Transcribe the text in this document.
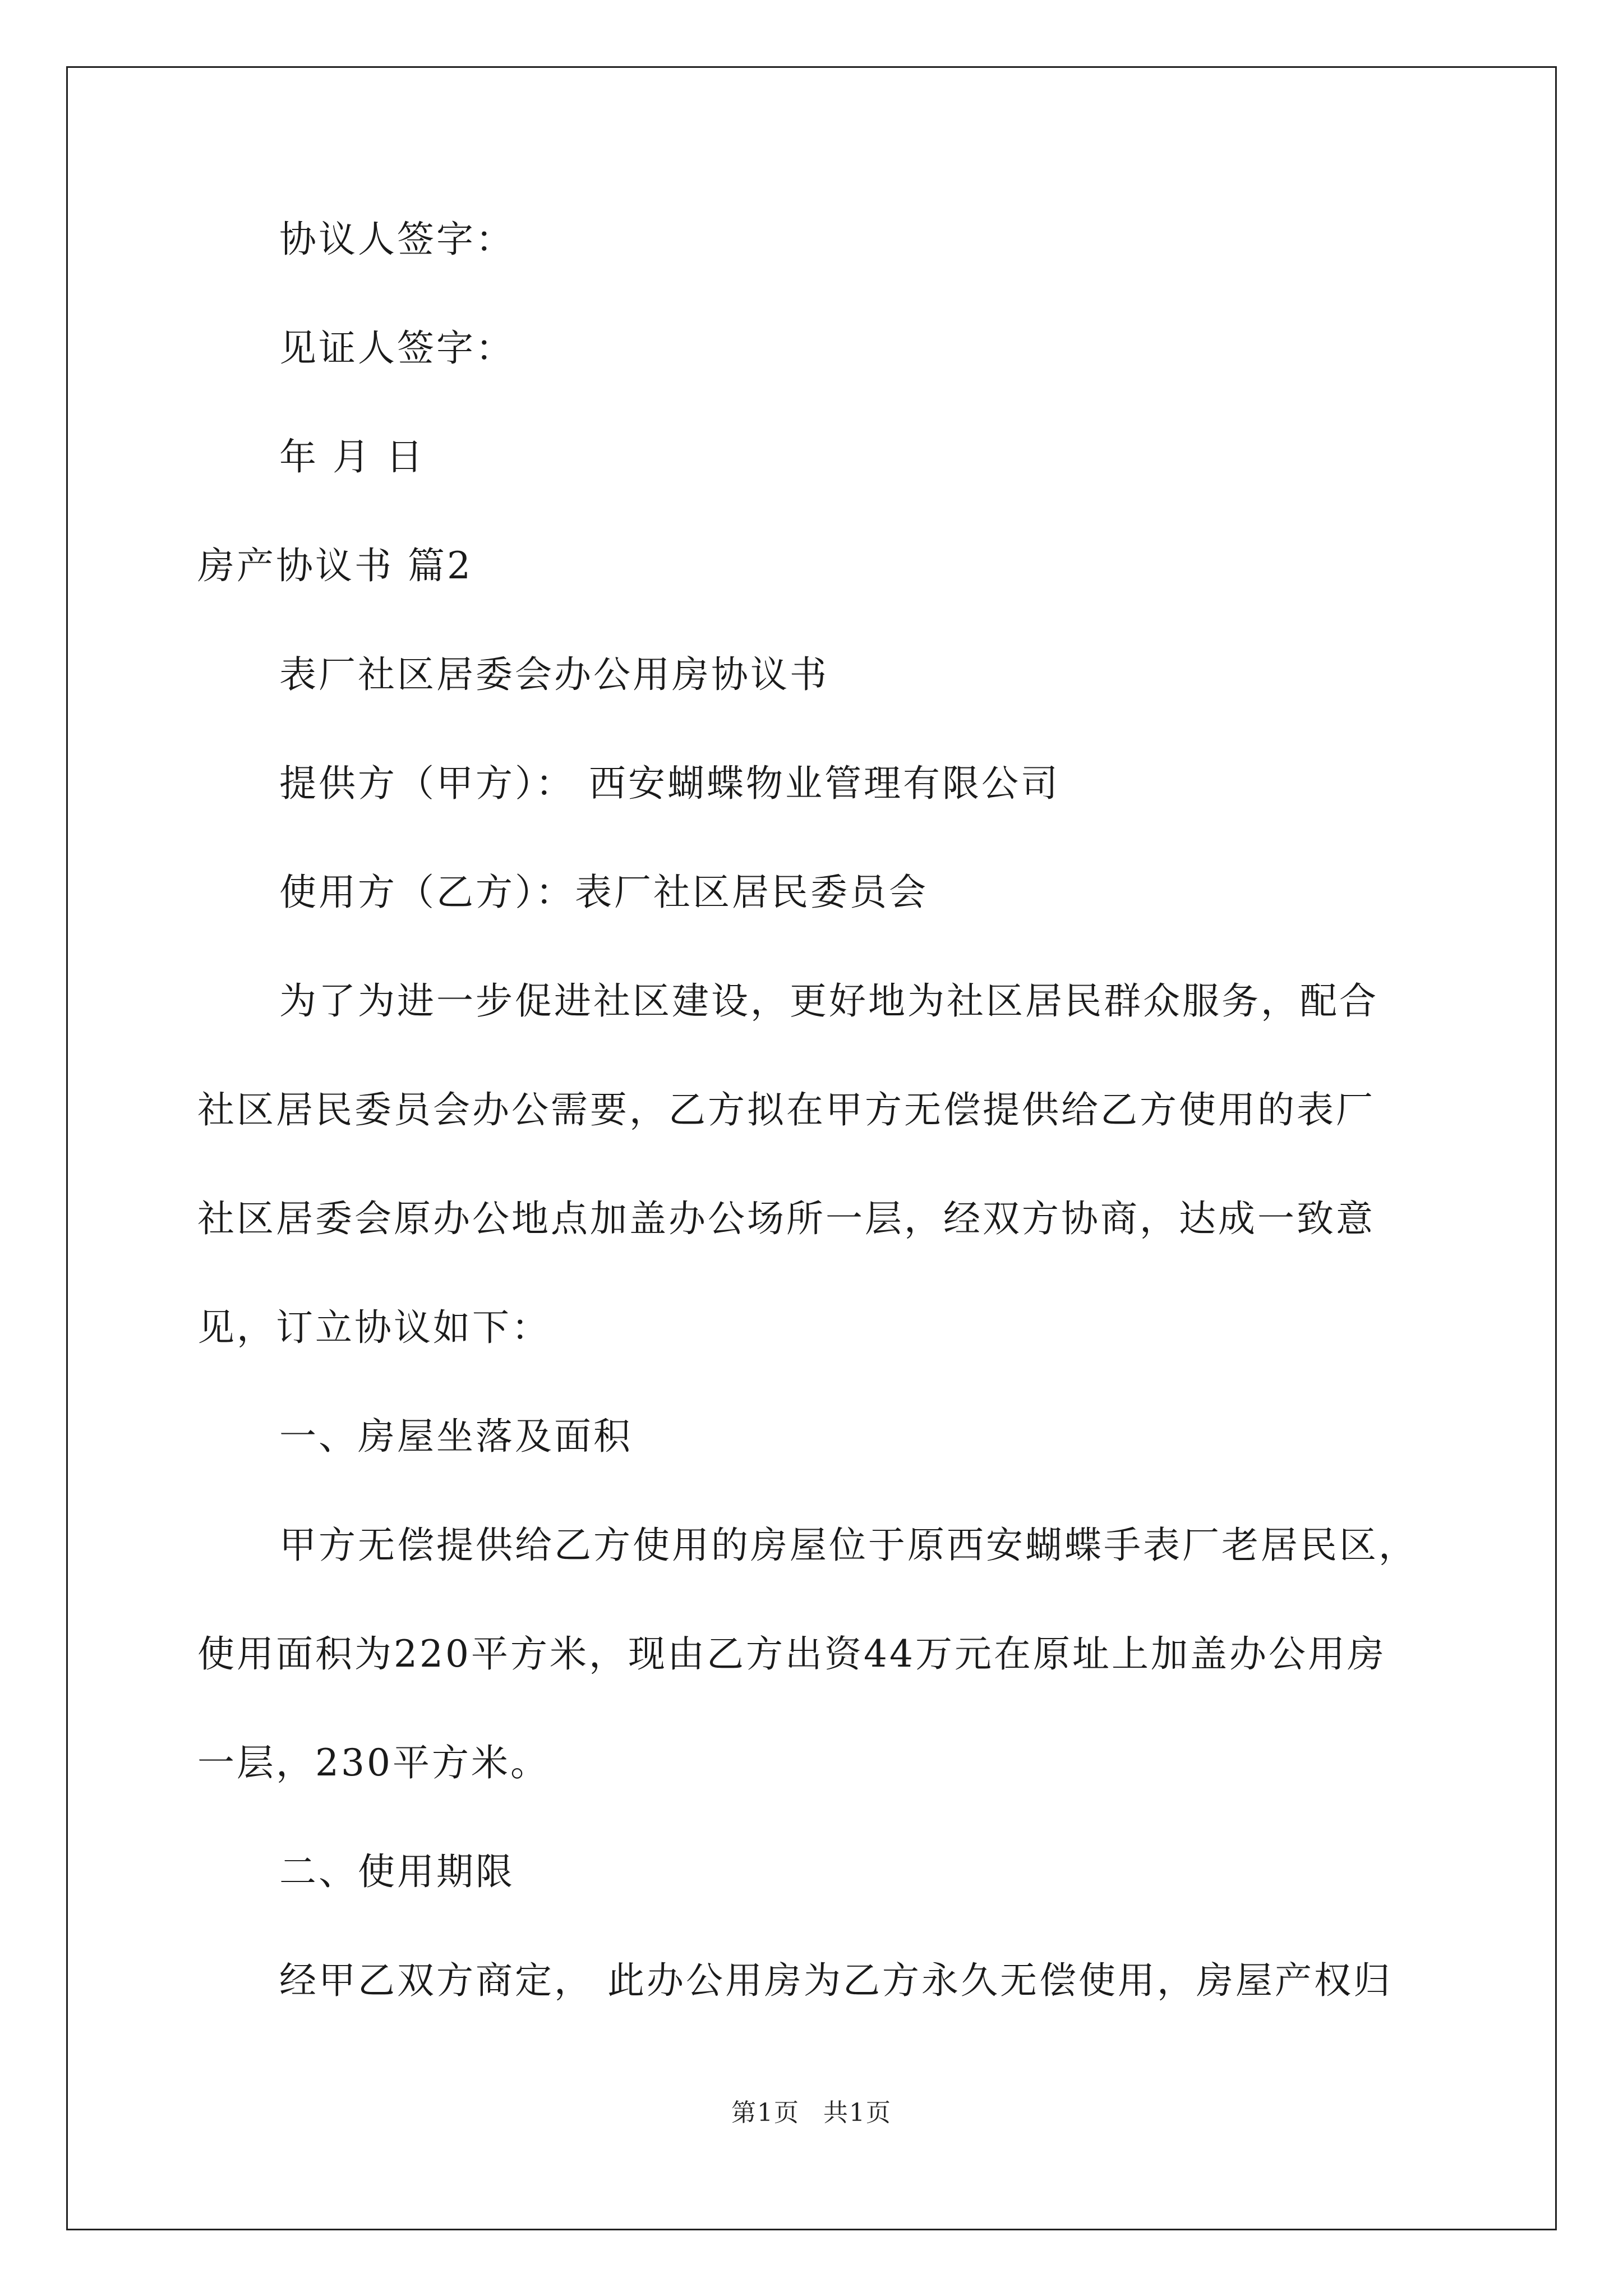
协议人签字：
见证人签字：
年 月 日
房产协议书 篇2
表厂社区居委会办公用房协议书
提供方（甲方）： 西安蝴蝶物业管理有限公司
使用方（乙方）：表厂社区居民委员会
为了为进一步促进社区建设，更好地为社区居民群众服务，配合
社区居民委员会办公需要，乙方拟在甲方无偿提供给乙方使用的表厂
社区居委会原办公地点加盖办公场所一层，经双方协商，达成一致意
见，订立协议如下：
一、房屋坐落及面积
甲方无偿提供给乙方使用的房屋位于原西安蝴蝶手表厂老居民区，
使用面积为220平方米，现由乙方出资44万元在原址上加盖办公用房
一层，230平方米。
二、使用期限
经甲乙双方商定， 此办公用房为乙方永久无偿使用，房屋产权归
第1页 共1页
